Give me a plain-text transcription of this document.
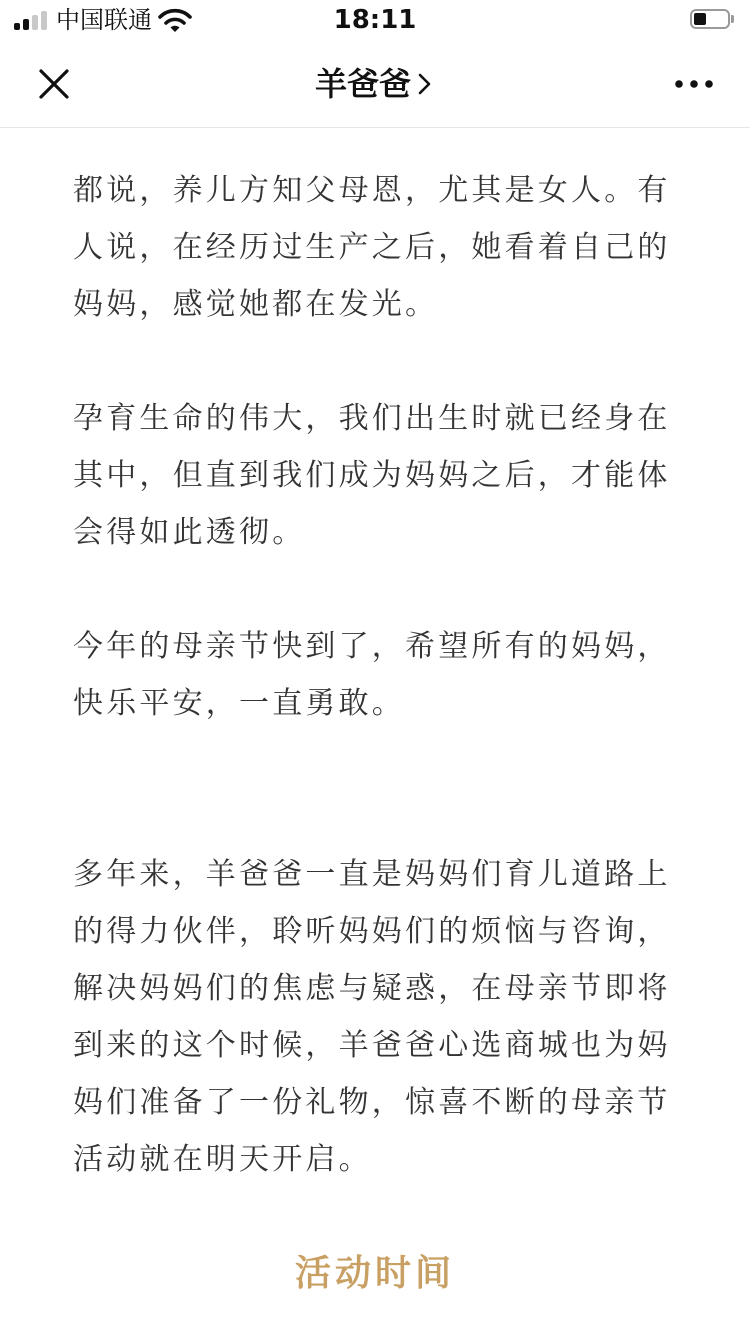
中国联通	18:11
羊爸爸

都说，养儿方知父母恩，尤其是女人。有人说，在经历过生产之后，她看着自己的妈妈，感觉她都在发光。

孕育生命的伟大，我们出生时就已经身在其中，但直到我们成为妈妈之后，才能体会得如此透彻。

今年的母亲节快到了，希望所有的妈妈，快乐平安，一直勇敢。

多年来，羊爸爸一直是妈妈们育儿道路上的得力伙伴，聆听妈妈们的烦恼与咨询，解决妈妈们的焦虑与疑惑，在母亲节即将到来的这个时候，羊爸爸心选商城也为妈妈们准备了一份礼物，惊喜不断的母亲节活动就在明天开启。

活动时间
